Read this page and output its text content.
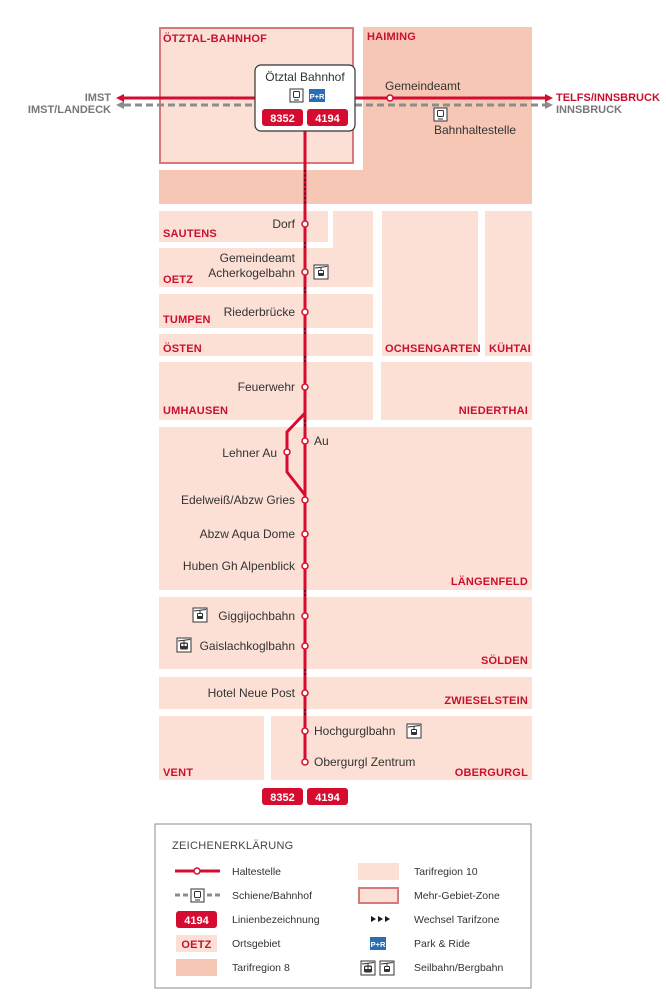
ÖTZTAL-BAHNHOF	HAIMING
SAUTENS
OETZ
TUMPEN
ÖSTEN	OCHSENGARTEN KÜHTAI
UMHAUSEN	NIEDERTHAI
LÄNGENFELD
SÖLDEN
ZWIESELSTEIN
VENT	OBERGURGL
IMST
IMST/LANDECK
TELFS/INNSBRUCK
INNSBRUCK
Gemeindeamt
Bahnhaltestelle
Dorf
Gemeindeamt
Acherkogelbahn
Riederbrücke
Feuerwehr
Au
Lehner Au
Edelweiß/Abzw Gries
Abzw Aqua Dome
Huben Gh Alpenblick
Giggijochbahn
Gaislachkoglbahn
Hotel Neue Post
Hochgurglbahn
Obergurgl Zentrum
Ötztal Bahnhof
P+R
8352 4194
8352 4194
ZEICHENERKLÄRUNG
Haltestelle
Schiene/Bahnhof
4194 Linienbezeichnung
OETZ Ortsgebiet
Tarifregion 8
Tarifregion 10
Mehr-Gebiet-Zone
Wechsel Tarifzone
P+R	Park & Ride
Seilbahn/Bergbahn
